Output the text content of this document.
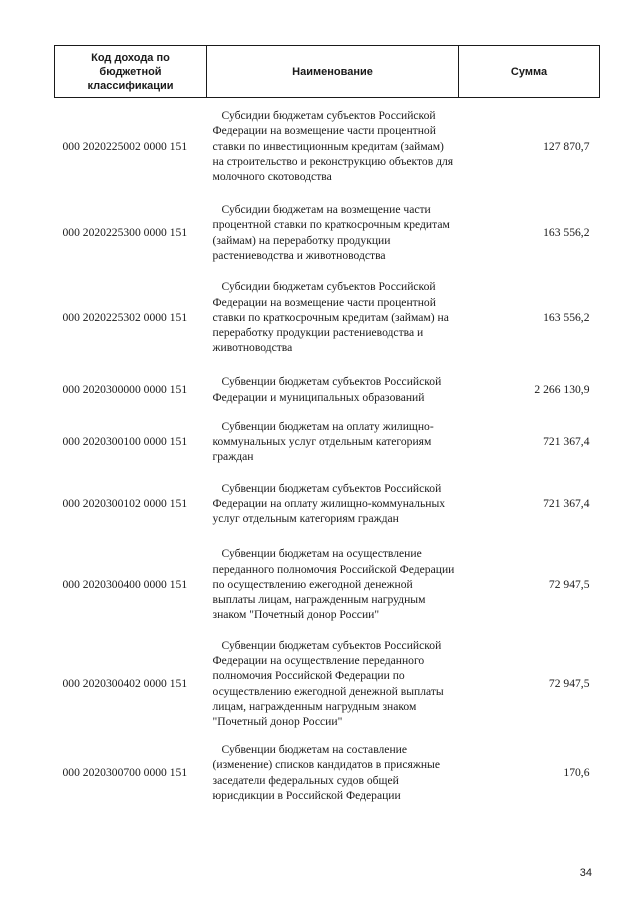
Код дохода по бюджетной классификации	Наименование	Сумма
000 2020225002 0000 151	Субсидии бюджетам субъектов Российской Федерации на возмещение части процентной ставки по инвестиционным кредитам (займам) на строительство и реконструкцию объектов для молочного скотоводства	127 870,7
000 2020225300 0000 151	Субсидии бюджетам на возмещение части процентной ставки по краткосрочным кредитам (займам) на переработку продукции растениеводства и животноводства	163 556,2
000 2020225302 0000 151	Субсидии бюджетам субъектов Российской Федерации на возмещение части процентной ставки по краткосрочным кредитам (займам) на переработку продукции растениеводства и животноводства	163 556,2
000 2020300000 0000 151	Субвенции бюджетам субъектов Российской Федерации и муниципальных образований	2 266 130,9
000 2020300100 0000 151	Субвенции бюджетам на оплату жилищно-коммунальных услуг отдельным категориям граждан	721 367,4
000 2020300102 0000 151	Субвенции бюджетам субъектов Российской Федерации на оплату жилищно-коммунальных услуг отдельным категориям граждан	721 367,4
000 2020300400 0000 151	Субвенции бюджетам на осуществление переданного полномочия Российской Федерации по осуществлению ежегодной денежной выплаты лицам, награжденным нагрудным знаком "Почетный донор России"	72 947,5
000 2020300402 0000 151	Субвенции бюджетам субъектов Российской Федерации на осуществление переданного полномочия Российской Федерации по осуществлению ежегодной денежной выплаты лицам, награжденным нагрудным знаком "Почетный донор России"	72 947,5
000 2020300700 0000 151	Субвенции бюджетам на составление (изменение) списков кандидатов в присяжные заседатели федеральных судов общей юрисдикции в Российской Федерации	170,6
34
